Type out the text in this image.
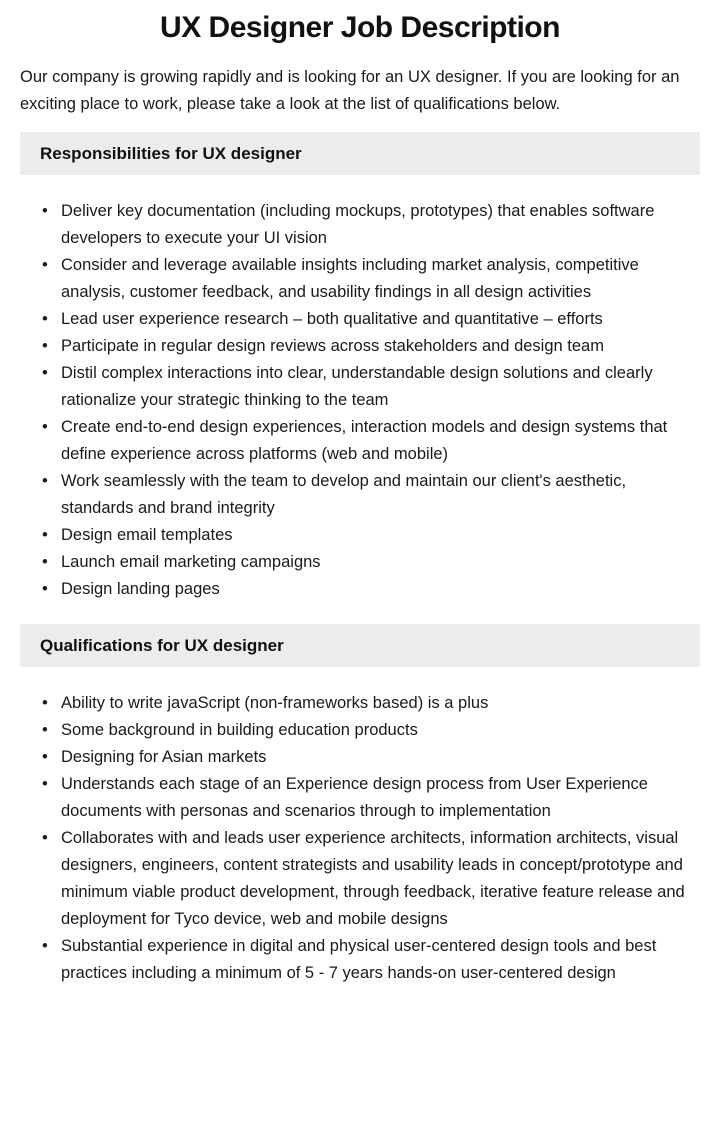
UX Designer Job Description

Our company is growing rapidly and is looking for an UX designer. If you are looking for an exciting place to work, please take a look at the list of qualifications below.

Responsibilities for UX designer
• Deliver key documentation (including mockups, prototypes) that enables software developers to execute your UI vision
• Consider and leverage available insights including market analysis, competitive analysis, customer feedback, and usability findings in all design activities
• Lead user experience research – both qualitative and quantitative – efforts
• Participate in regular design reviews across stakeholders and design team
• Distil complex interactions into clear, understandable design solutions and clearly rationalize your strategic thinking to the team
• Create end-to-end design experiences, interaction models and design systems that define experience across platforms (web and mobile)
• Work seamlessly with the team to develop and maintain our client's aesthetic, standards and brand integrity
• Design email templates
• Launch email marketing campaigns
• Design landing pages
Qualifications for UX designer
• Ability to write javaScript (non-frameworks based) is a plus
• Some background in building education products
• Designing for Asian markets
• Understands each stage of an Experience design process from User Experience documents with personas and scenarios through to implementation
• Collaborates with and leads user experience architects, information architects, visual designers, engineers, content strategists and usability leads in concept/prototype and minimum viable product development, through feedback, iterative feature release and deployment for Tyco device, web and mobile designs
• Substantial experience in digital and physical user-centered design tools and best practices including a minimum of 5 - 7 years hands-on user-centered design
